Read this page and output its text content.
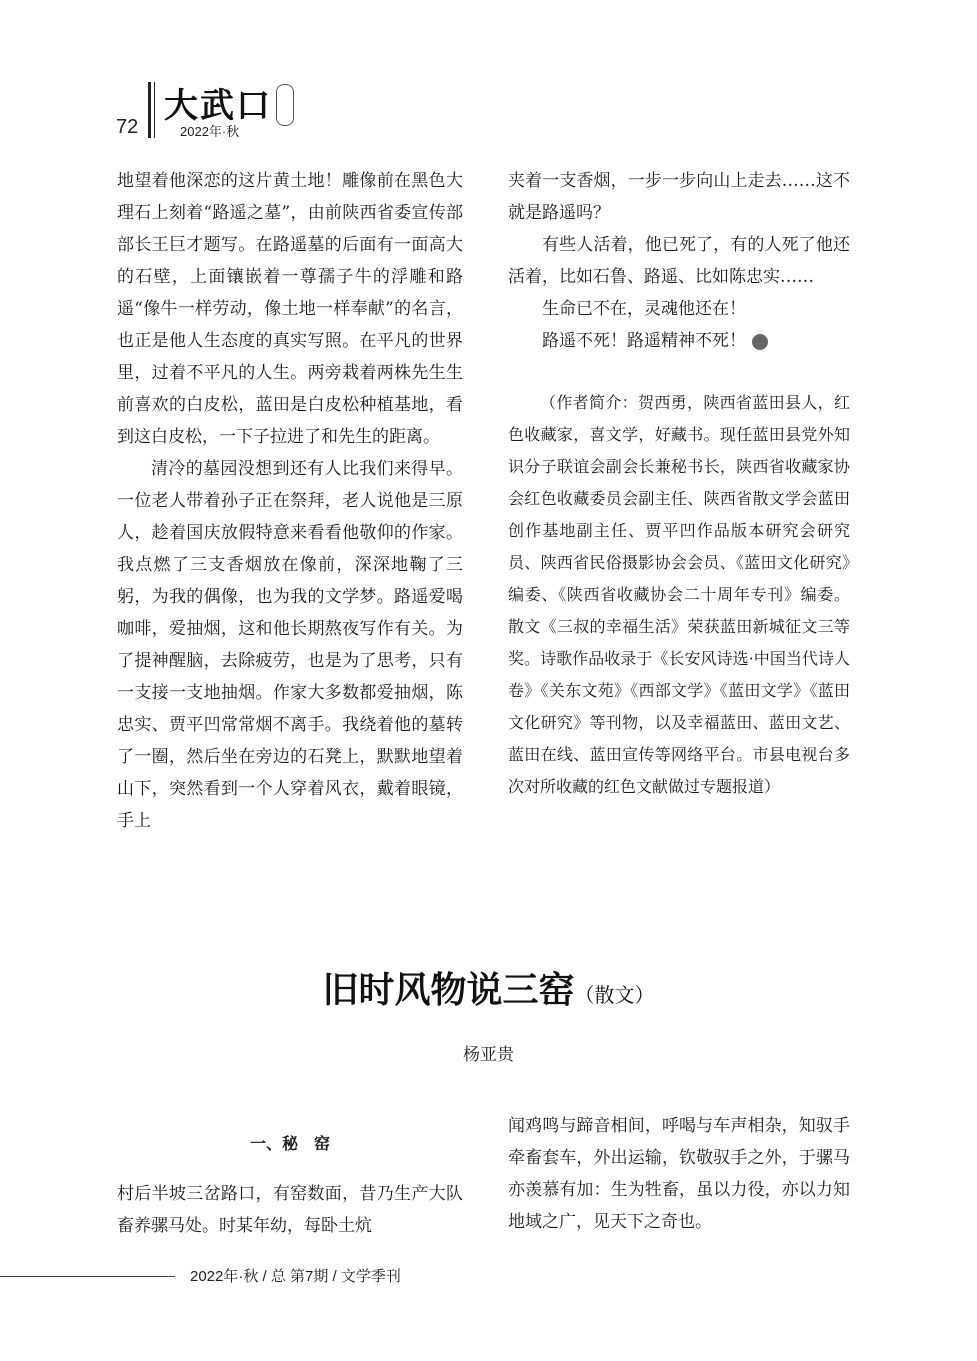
72
大武口
2022年·秋

地望着他深恋的这片黄土地！雕像前在黑色大理石上刻着“路遥之墓”，由前陕西省委宣传部部长王巨才题写。在路遥墓的后面有一面高大的石壁，上面镶嵌着一尊孺子牛的浮雕和路遥“像牛一样劳动，像土地一样奉献”的名言，也正是他人生态度的真实写照。在平凡的世界里，过着不平凡的人生。两旁栽着两株先生生前喜欢的白皮松，蓝田是白皮松种植基地，看到这白皮松，一下子拉进了和先生的距离。

清冷的墓园没想到还有人比我们来得早。一位老人带着孙子正在祭拜，老人说他是三原人，趁着国庆放假特意来看看他敬仰的作家。我点燃了三支香烟放在像前，深深地鞠了三躬，为我的偶像，也为我的文学梦。路遥爱喝咖啡，爱抽烟，这和他长期熬夜写作有关。为了提神醒脑，去除疲劳，也是为了思考，只有一支接一支地抽烟。作家大多数都爱抽烟，陈忠实、贾平凹常常烟不离手。我绕着他的墓转了一圈，然后坐在旁边的石凳上，默默地望着山下，突然看到一个人穿着风衣，戴着眼镜，手上

夹着一支香烟，一步一步向山上走去……这不就是路遥吗？

有些人活着，他已死了，有的人死了他还活着，比如石鲁、路遥、比如陈忠实……

生命已不在，灵魂他还在！

路遥不死！路遥精神不死！

（作者简介：贺西勇，陕西省蓝田县人，红色收藏家，喜文学，好藏书。现任蓝田县党外知识分子联谊会副会长兼秘书长，陕西省收藏家协会红色收藏委员会副主任、陕西省散文学会蓝田创作基地副主任、贾平凹作品版本研究会研究员、陕西省民俗摄影协会会员、《蓝田文化研究》编委、《陕西省收藏协会二十周年专刊》编委。散文《三叔的幸福生活》荣获蓝田新城征文三等奖。诗歌作品收录于《长安风诗选·中国当代诗人卷》《关东文苑》《西部文学》《蓝田文学》《蓝田文化研究》等刊物，以及幸福蓝田、蓝田文艺、蓝田在线、蓝田宣传等网络平台。市县电视台多次对所收藏的红色文献做过专题报道）

旧时风物说三窑（散文）
杨亚贵

一、秘　窑

村后半坡三岔路口，有窑数面，昔乃生产大队畜养骡马处。时某年幼，每卧土炕

闻鸡鸣与蹄音相间，呼喝与车声相杂，知驭手牵畜套车，外出运输，钦敬驭手之外，于骡马亦羡慕有加：生为牲畜，虽以力役，亦以力知地域之广，见天下之奇也。

2022年·秋 / 总 第7期 / 文学季刊
